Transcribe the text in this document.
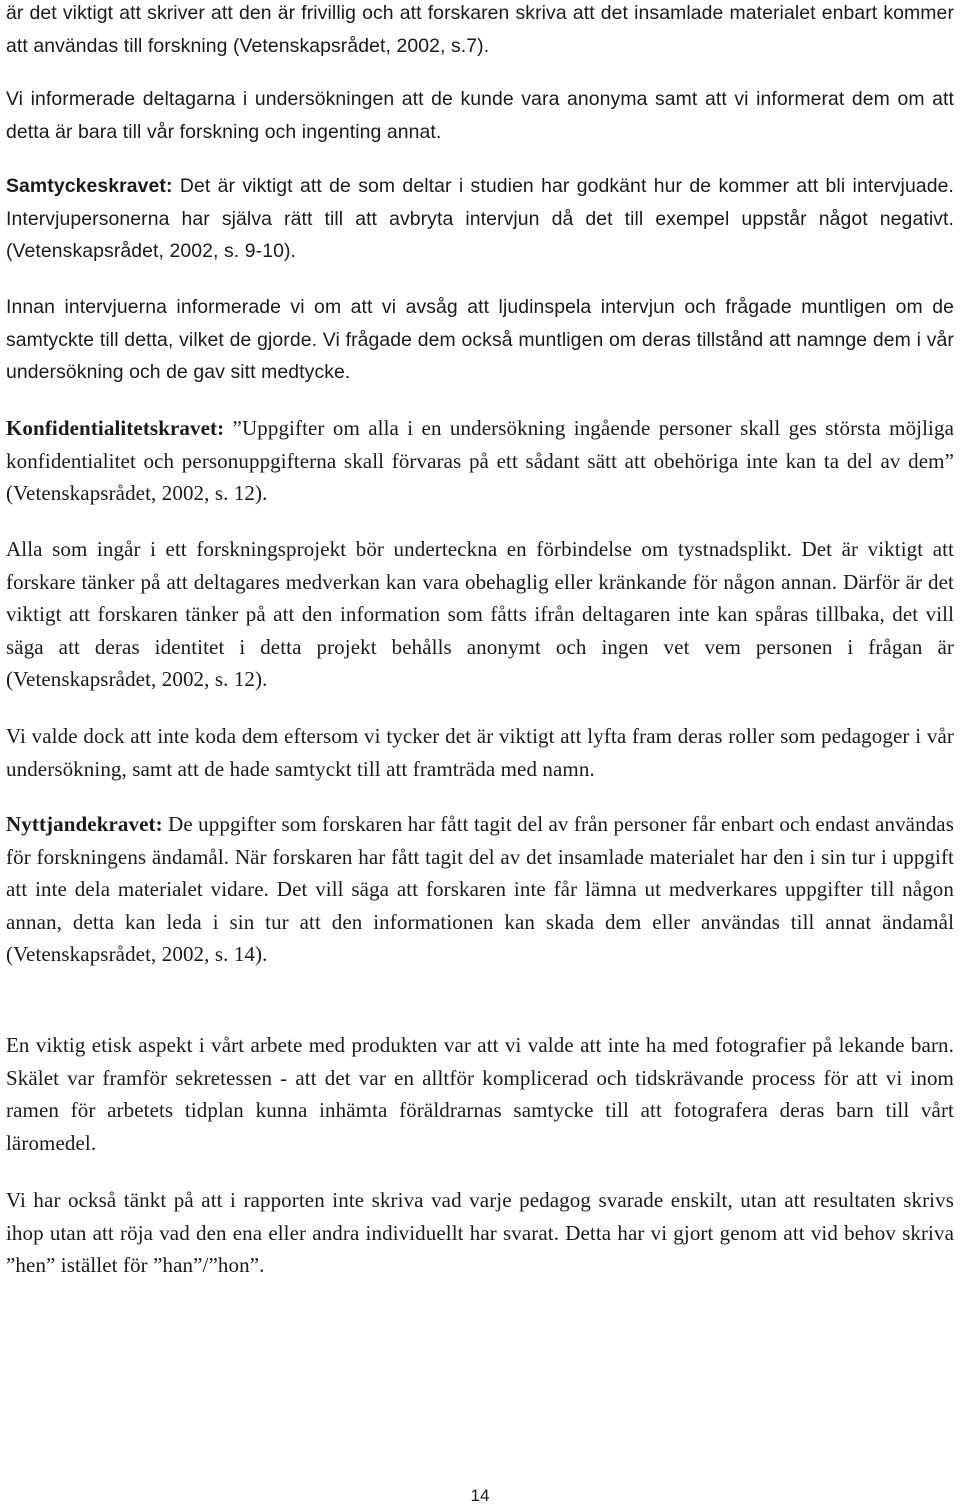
är det viktigt att skriver att den är frivillig och att forskaren skriva att det insamlade materialet enbart kommer att användas till forskning (Vetenskapsrådet, 2002, s.7).

Vi informerade deltagarna i undersökningen att de kunde vara anonyma samt att vi informerat dem om att detta är bara till vår forskning och ingenting annat.

Samtyckeskravet: Det är viktigt att de som deltar i studien har godkänt hur de kommer att bli intervjuade. Intervjupersonerna har själva rätt till att avbryta intervjun då det till exempel uppstår något negativt. (Vetenskapsrådet, 2002, s. 9-10).

Innan intervjuerna informerade vi om att vi avsåg att ljudinspela intervjun och frågade muntligen om de samtyckte till detta, vilket de gjorde. Vi frågade dem också muntligen om deras tillstånd att namnge dem i vår undersökning och de gav sitt medtycke.

Konfidentialitetskravet: ”Uppgifter om alla i en undersökning ingående personer skall ges största möjliga konfidentialitet och personuppgifterna skall förvaras på ett sådant sätt att obehöriga inte kan ta del av dem” (Vetenskapsrådet, 2002, s. 12).

Alla som ingår i ett forskningsprojekt bör underteckna en förbindelse om tystnadsplikt. Det är viktigt att forskare tänker på att deltagares medverkan kan vara obehaglig eller kränkande för någon annan. Därför är det viktigt att forskaren tänker på att den information som fåtts ifrån deltagaren inte kan spåras tillbaka, det vill säga att deras identitet i detta projekt behålls anonymt och ingen vet vem personen i frågan är (Vetenskapsrådet, 2002, s. 12).

Vi valde dock att inte koda dem eftersom vi tycker det är viktigt att lyfta fram deras roller som pedagoger i vår undersökning, samt att de hade samtyckt till att framträda med namn.

Nyttjandekravet: De uppgifter som forskaren har fått tagit del av från personer får enbart och endast användas för forskningens ändamål. När forskaren har fått tagit del av det insamlade materialet har den i sin tur i uppgift att inte dela materialet vidare. Det vill säga att forskaren inte får lämna ut medverkares uppgifter till någon annan, detta kan leda i sin tur att den informationen kan skada dem eller användas till annat ändamål (Vetenskapsrådet, 2002, s. 14).

En viktig etisk aspekt i vårt arbete med produkten var att vi valde att inte ha med fotografier på lekande barn. Skälet var framför sekretessen - att det var en alltför komplicerad och tidskrävande process för att vi inom ramen för arbetets tidplan kunna inhämta föräldrarnas samtycke till att fotografera deras barn till vårt läromedel.

Vi har också tänkt på att i rapporten inte skriva vad varje pedagog svarade enskilt, utan att resultaten skrivs ihop utan att röja vad den ena eller andra individuellt har svarat. Detta har vi gjort genom att vid behov skriva ”hen” istället för ”han”/”hon”.

14
